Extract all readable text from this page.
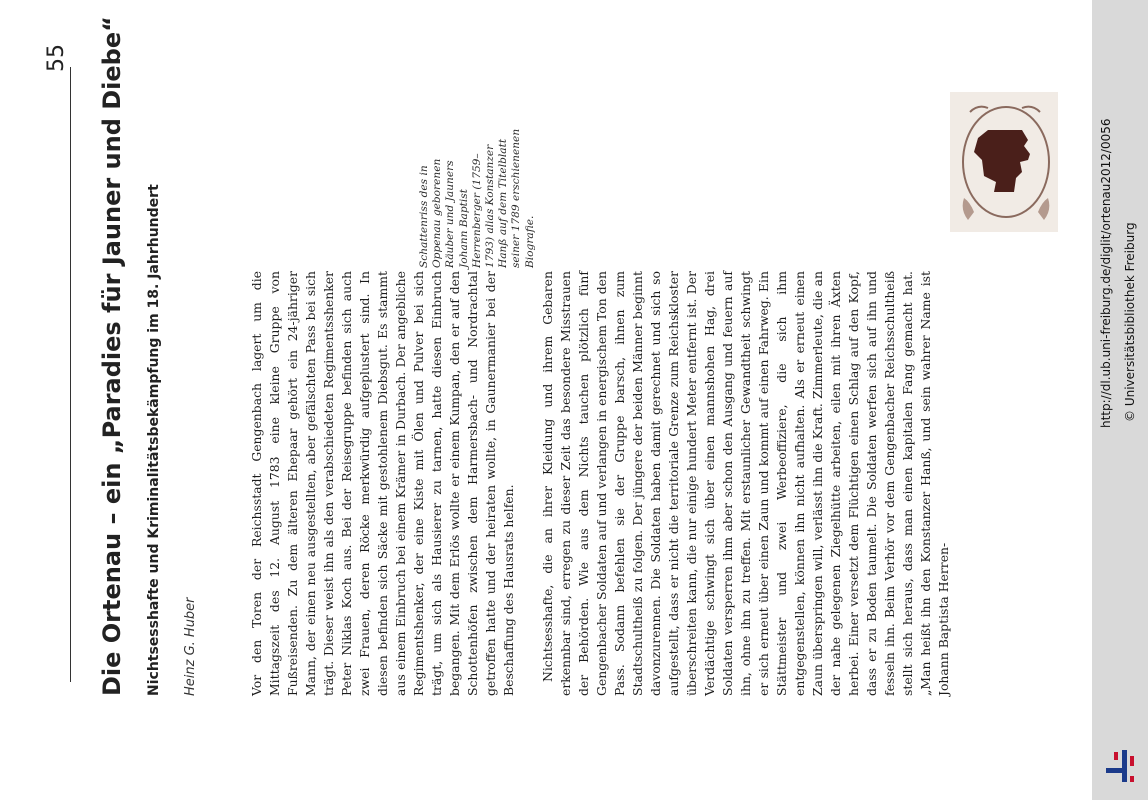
55 Die Ortenau – ein „Paradies für Jauner und Diebe“ Nichtsesshafte und Kriminalitätsbekämpfung im 18. Jahrhundert Heinz G. Huber	Vor den Toren der Reichsstadt Gengenbach lagert um die Mittagszeit des 12. August 1783 eine kleine Gruppe von Fußreisenden. Zu dem älteren Ehepaar gehört ein 24-jähriger Mann, der einen neu ausgestellten, aber gefälschten Pass bei sich trägt. Dieser weist ihn als den verabschiedeten Regimentsshenker Peter Niklas Koch aus. Bei der Reisegruppe befinden sich auch zwei Frauen, deren Röcke merkwürdig aufgeplustert sind. In diesen befinden sich Säcke mit gestohlenem Diebsgut. Es stammt aus einem Einbruch bei einem Krämer in Durbach. Der angebliche Regimentshenker, der eine Kiste mit Ölen und Pulver bei sich trägt, um sich als Hausierer zu tarnen, hatte diesen Einbruch begangen. Mit dem Erlös wollte er einem Kumpan, den er auf den Schottenhöfen zwischen dem Harmersbach- und Nordrachtal getroffen hatte und der heiraten wollte, in Gaunermanier bei der Beschaffung des Hausrats helfen. Nichtsesshafte, die an ihrer Kleidung und ihrem Gebaren erkennbar sind, erregen zu dieser Zeit das besondere Misstrauen der Behörden. Wie aus dem Nichts tauchen plötzlich fünf Gengenbacher Soldaten auf und verlangen in energischem Ton den Pass. Sodann befehlen sie der Gruppe barsch, ihnen zum Stadtschultheiß zu folgen. Der jüngere der beiden Männer beginnt davonzurennen. Die Soldaten haben damit gerechnet und sich so aufgestellt, dass er nicht die territoriale Grenze zum Reichskloster überschreiten kann, die nur einige hundert Meter entfernt ist. Der Verdächtige schwingt sich über einen mannshohen Hag, drei Soldaten versperren ihm aber schon den Ausgang und feuern auf ihn, ohne ihn zu treffen. Mit erstaunlicher Gewandtheit schwingt er sich erneut über einen Zaun und kommt auf einen Fahrweg. Ein Stättmeister und zwei Werbeoffiziere, die sich ihm entgegenstellen, können ihn nicht aufhalten. Als er erneut einen Zaun überspringen will, verlässt ihn die Kraft. Zimmerleute, die an der nahe gelegenen Ziegelhütte arbeiten, eilen mit ihren Äxten herbei. Einer versetzt dem Flüchtigen einen Schlag auf den Kopf, dass er zu Boden taumelt. Die Soldaten werfen sich auf ihn und fesseln ihn. Beim Verhör vor dem Gengenbacher Reichsschultheiß stellt sich heraus, dass man einen kapitalen Fang gemacht hat. „Man heißt ihn den Konstanzer Hanß, und sein wahrer Name ist Johann Baptista Herren-

Schattenriss des in Oppenau geborenen Räuber und Jauners Johann Baptist Herrenberger (1759–1793) alias Konstanzer Hanß auf dem Titelblatt seiner 1789 erschienenen Biografie.	http://dl.ub.uni-freiburg.de/diglit/ortenau2012/0056 © Universitätsbibliothek Freiburg
